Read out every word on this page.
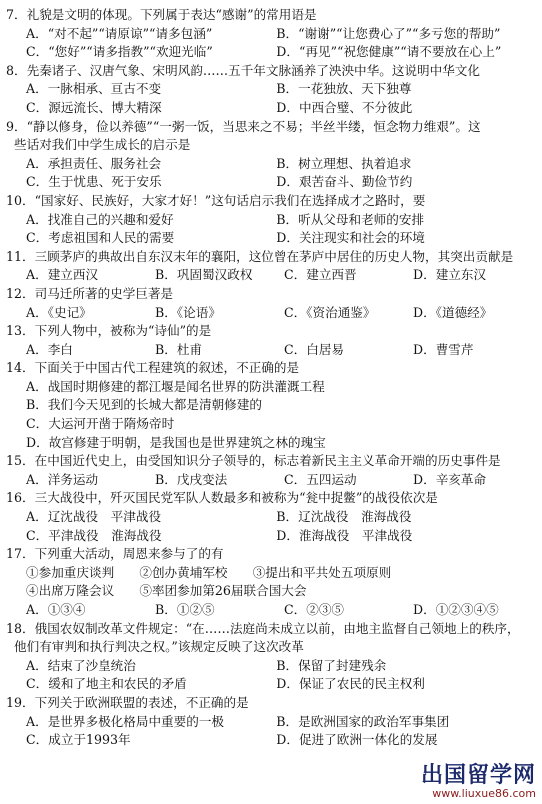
7．礼貌是文明的体现。下列属于表达“感谢”的常用语是
A．“对不起”“请原谅”“请多包涵”	B．“谢谢”“让您费心了”“多亏您的帮助”
C．“您好”“请多指教”“欢迎光临”	D．“再见”“祝您健康”“请不要放在心上”
8．先秦诸子、汉唐气象、宋明风韵……五千年文脉涵养了泱泱中华。这说明中华文化
A．一脉相承、亘古不变	B．一花独放、天下独尊
C．源远流长、博大精深	D．中西合璧、不分彼此
9．“静以修身，俭以养德”“一粥一饭，当思来之不易；半丝半缕，恒念物力维艰”。这
些话对我们中学生成长的启示是
A．承担责任、服务社会	B．树立理想、执着追求
C．生于忧患、死于安乐	D．艰苦奋斗、勤俭节约
10．“国家好、民族好，大家才好！”这句话启示我们在选择成才之路时，要
A．找准自己的兴趣和爱好	B．听从父母和老师的安排
C．考虑祖国和人民的需要	D．关注现实和社会的环境
11．三顾茅庐的典故出自东汉末年的襄阳，这位曾在茅庐中居住的历史人物，其突出贡献是
A．建立西汉	B．巩固蜀汉政权	C．建立西晋	D．建立东汉
12．司马迁所著的史学巨著是
A．《史记》	B．《论语》	C．《资治通鉴》	D．《道德经》
13．下列人物中，被称为“诗仙”的是
A．李白	B．杜甫	C．白居易	D．曹雪芹
14．下面关于中国古代工程建筑的叙述，不正确的是
A．战国时期修建的都江堰是闻名世界的防洪灌溉工程
B．我们今天见到的长城大都是清朝修建的
C．大运河开凿于隋炀帝时
D．故宫修建于明朝，是我国也是世界建筑之林的瑰宝
15．在中国近代史上，由受国知识分子领导的，标志着新民主主义革命开端的历史事件是
A．洋务运动	B．戊戌变法	C．五四运动	D．辛亥革命
16．三大战役中，歼灭国民党军队人数最多和被称为“瓮中捉鳖”的战役依次是
A．辽沈战役　平津战役	B．辽沈战役　淮海战役
C．平津战役　淮海战役	D．淮海战役　平津战役
17．下列重大活动，周恩来参与了的有
①参加重庆谈判　　②创办黄埔军校　　③提出和平共处五项原则
④出席万隆会议　　⑤率团参加第26届联合国大会
A．①③④	B．①②⑤	C．②③⑤	D．①②③④⑤
18．俄国农奴制改革文件规定：“在……法庭尚未成立以前，由地主监督自己领地上的秩序，
他们有审判和执行判决之权。”该规定反映了这次改革
A．结束了沙皇统治	B．保留了封建残余
C．缓和了地主和农民的矛盾	D．保证了农民的民主权利
19．下列关于欧洲联盟的表述，不正确的是
A．是世界多极化格局中重要的一极	B．是欧洲国家的政治军事集团
C．成立于1993年	D．促进了欧洲一体化的发展
出国留学网
www.liuxue86.com
